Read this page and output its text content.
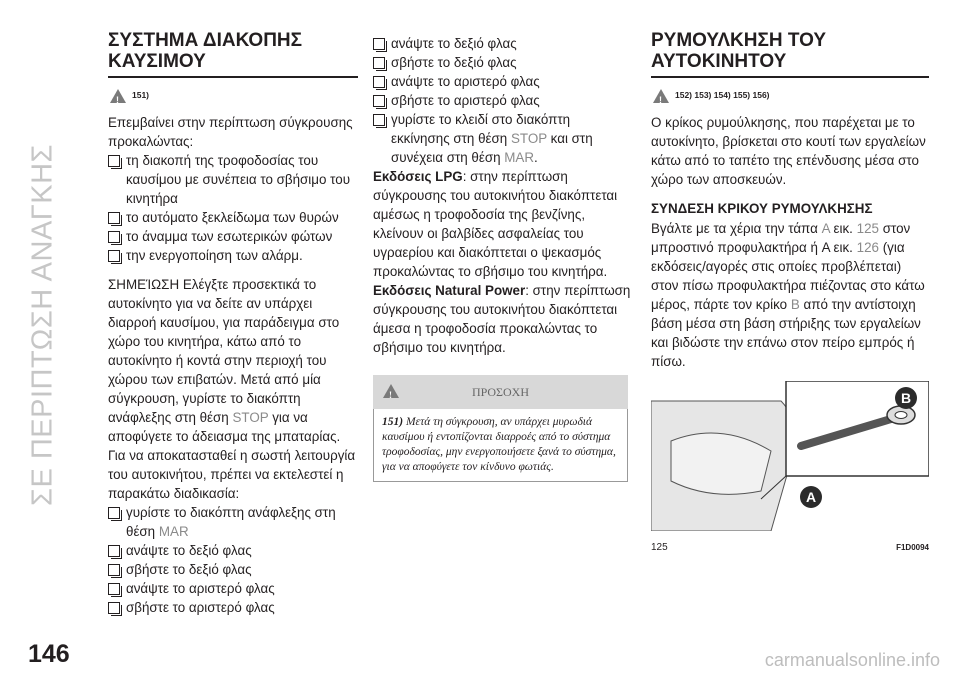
ΣΕ ΠΕΡΙΠΤΩΣΗ ΑΝΑΓΚΗΣ
146	carmanualsonline.info
ΣΥΣΤΗΜΑ ΔΙΑΚΟΠΗΣ ΚΑΥΣΙΜΟΥ
!
151)

Επεμβαίνει στην περίπτωση σύγκρουσης προκαλώντας:

τη διακοπή της τροφοδοσίας του καυσίμου με συνέπεια το σβήσιμο του κινητήρα
το αυτόματο ξεκλείδωμα των θυρών
το άναμμα των εσωτερικών φώτων
την ενεργοποίηση των αλάρμ.

ΣΗΜΕΊΩΣΗ Ελέγξτε προσεκτικά το αυτοκίνητο για να δείτε αν υπάρχει διαρροή καυσίμου, για παράδειγμα στο χώρο του κινητήρα, κάτω από το αυτοκίνητο ή κοντά στην περιοχή του χώρου των επιβατών. Μετά από μία σύγκρουση, γυρίστε το διακόπτη ανάφλεξης στη θέση STOP για να αποφύγετε το άδειασμα της μπαταρίας. Για να αποκατασταθεί η σωστή λειτουργία του αυτοκινήτου, πρέπει να εκτελεστεί η παρακάτω διαδικασία:

γυρίστε το διακόπτη ανάφλεξης στη θέση MAR
ανάψτε το δεξιό φλας
σβήστε το δεξιό φλας
ανάψτε το αριστερό φλας
σβήστε το αριστερό φλας
ανάψτε το δεξιό φλας
σβήστε το δεξιό φλας
ανάψτε το αριστερό φλας
σβήστε το αριστερό φλας
γυρίστε το κλειδί στο διακόπτη εκκίνησης στη θέση STOP και στη συνέχεια στη θέση MAR.

Εκδόσεις LPG: στην περίπτωση σύγκρουσης του αυτοκινήτου διακόπτεται αμέσως η τροφοδοσία της βενζίνης, κλείνουν οι βαλβίδες ασφαλείας του υγραερίου και διακόπτεται ο ψεκασμός προκαλώντας το σβήσιμο του κινητήρα.

Εκδόσεις Natural Power: στην περίπτωση σύγκρουσης του αυτοκινήτου διακόπτεται άμεσα η τροφοδοσία προκαλώντας το σβήσιμο του κινητήρα.

!
ΠΡΟΣΟΧΗ
151) Μετά τη σύγκρουση, αν υπάρχει μυρωδιά καυσίμου ή εντοπίζονται διαρροές από το σύστημα τροφοδοσίας, μην ενεργοποιήσετε ξανά το σύστημα, για να αποφύγετε τον κίνδυνο φωτιάς.
ΡΥΜΟΥΛΚΗΣΗ ΤΟΥ ΑΥΤΟΚΙΝΗΤΟΥ
!
152) 153) 154) 155) 156)

Ο κρίκος ρυμούλκησης, που παρέχεται με το αυτοκίνητο, βρίσκεται στο κουτί των εργαλείων κάτω από το ταπέτο της επένδυσης μέσα στο χώρο των αποσκευών.

ΣΥΝΔΕΣΗ ΚΡΙΚΟΥ ΡΥΜΟΥΛΚΗΣΗΣ

Βγάλτε με τα χέρια την τάπα A εικ. 125 στον μπροστινό προφυλακτήρα ή A εικ. 126 (για εκδόσεις/αγορές στις οποίες προβλέπεται) στον πίσω προφυλακτήρα πιέζοντας στο κάτω μέρος, πάρτε τον κρίκο B από την αντίστοιχη βάση μέσα στη βάση στήριξης των εργαλείων και βιδώστε την επάνω στον πείρο εμπρός ή πίσω.

B
A
125	F1D0094
